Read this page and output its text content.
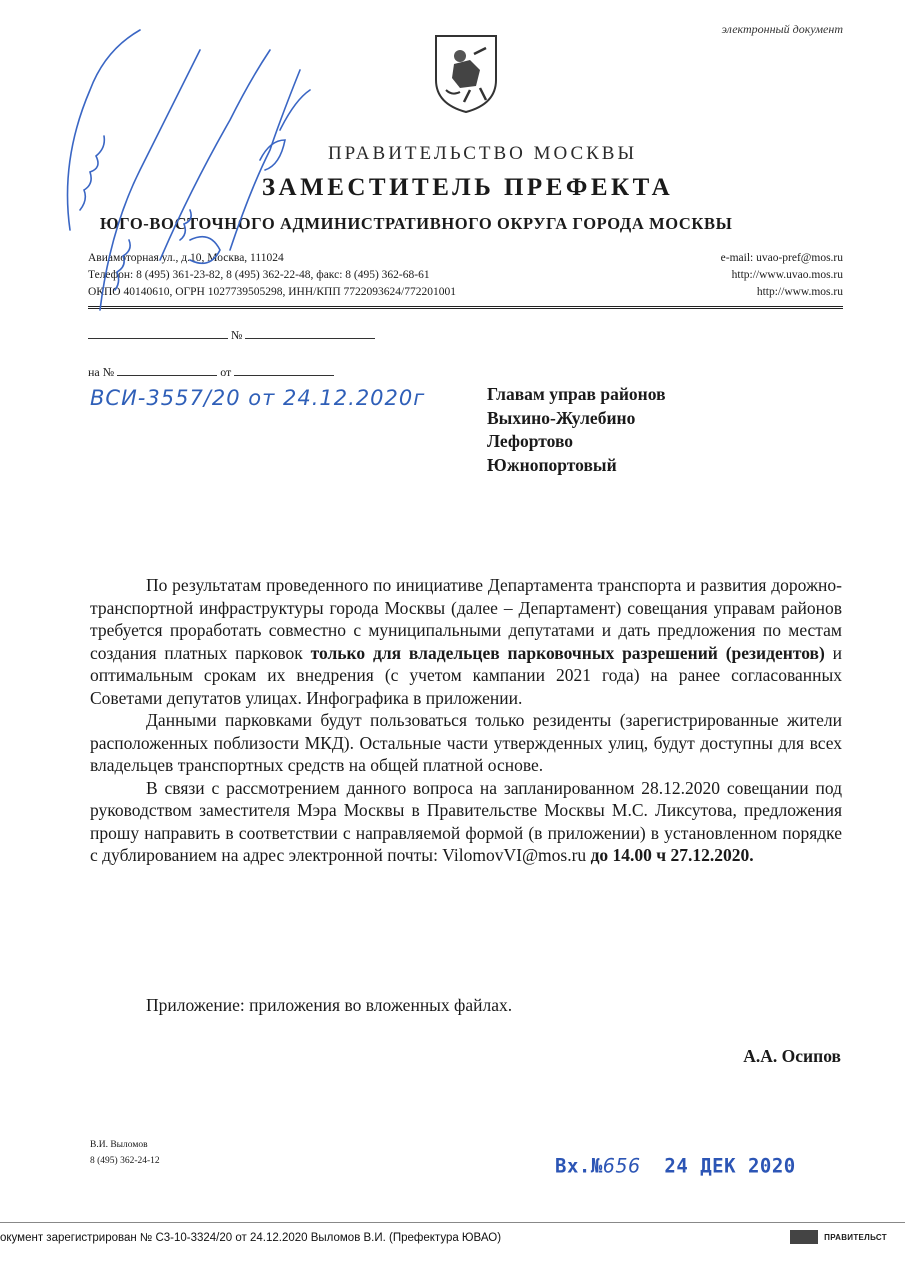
электронный документ
ПРАВИТЕЛЬСТВО МОСКВЫ
ЗАМЕСТИТЕЛЬ ПРЕФЕКТА
ЮГО-ВОСТОЧНОГО АДМИНИСТРАТИВНОГО ОКРУГА ГОРОДА МОСКВЫ
Авиамоторная ул., д.10, Москва, 111024
Телефон: 8 (495) 361-23-82, 8 (495) 362-22-48, факс: 8 (495) 362-68-61
ОКПО 40140610, ОГРН 1027739505298, ИНН/КПП 7722093624/772201001
e-mail: uvao-pref@mos.ru
http://www.uvao.mos.ru
http://www.mos.ru
№
на №	от
ВСИ-3557/20 от 24.12.2020г	Главам управ районов
Выхино-Жулебино
Лефортово
Южнопортовый

По результатам проведенного по инициативе Департамента транспорта и развития дорожно-транспортной инфраструктуры города Москвы (далее – Департамент) совещания управам районов требуется проработать совместно с муниципальными депутатами и дать предложения по местам создания платных парковок только для владельцев парковочных разрешений (резидентов) и оптимальным срокам их внедрения (с учетом кампании 2021 года) на ранее согласованных Советами депутатов улицах. Инфографика в приложении.

Данными парковками будут пользоваться только резиденты (зарегистрированные жители расположенных поблизости МКД). Остальные части утвержденных улиц, будут доступны для всех владельцев транспортных средств на общей платной основе.

В связи с рассмотрением данного вопроса на запланированном 28.12.2020 совещании под руководством заместителя Мэра Москвы в Правительстве Москвы М.С. Ликсутова, предложения прошу направить в соответствии с направляемой формой (в приложении) в установленном порядке с дублированием на адрес электронной почты: VilomovVI@mos.ru до 14.00 ч 27.12.2020.

Приложение: приложения во вложенных файлах.
А.А. Осипов
В.И. Выломов
8 (495) 362-24-12	Вх.№656 24 ДЕК 2020
окумент зарегистрирован № С3-10-3324/20 от 24.12.2020 Выломов В.И. (Префектура ЮВАО)	ПРАВИТЕЛЬСТ
